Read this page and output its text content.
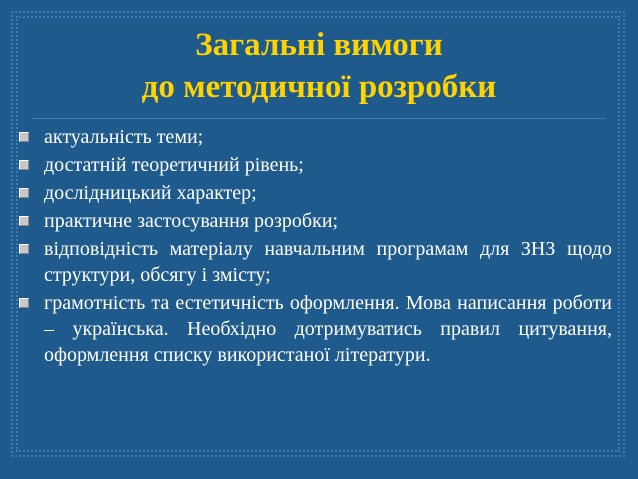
Загальні вимоги
до методичної розробки
актуальність теми;
достатній теоретичний рівень;
дослідницький характер;
практичне застосування розробки;
відповідність матеріалу навчальним програмам для ЗНЗ щодо структури, обсягу і змісту;
грамотність та естетичність оформлення. Мова написання роботи – українська. Необхідно дотримуватись правил цитування, оформлення списку використаної літератури.
